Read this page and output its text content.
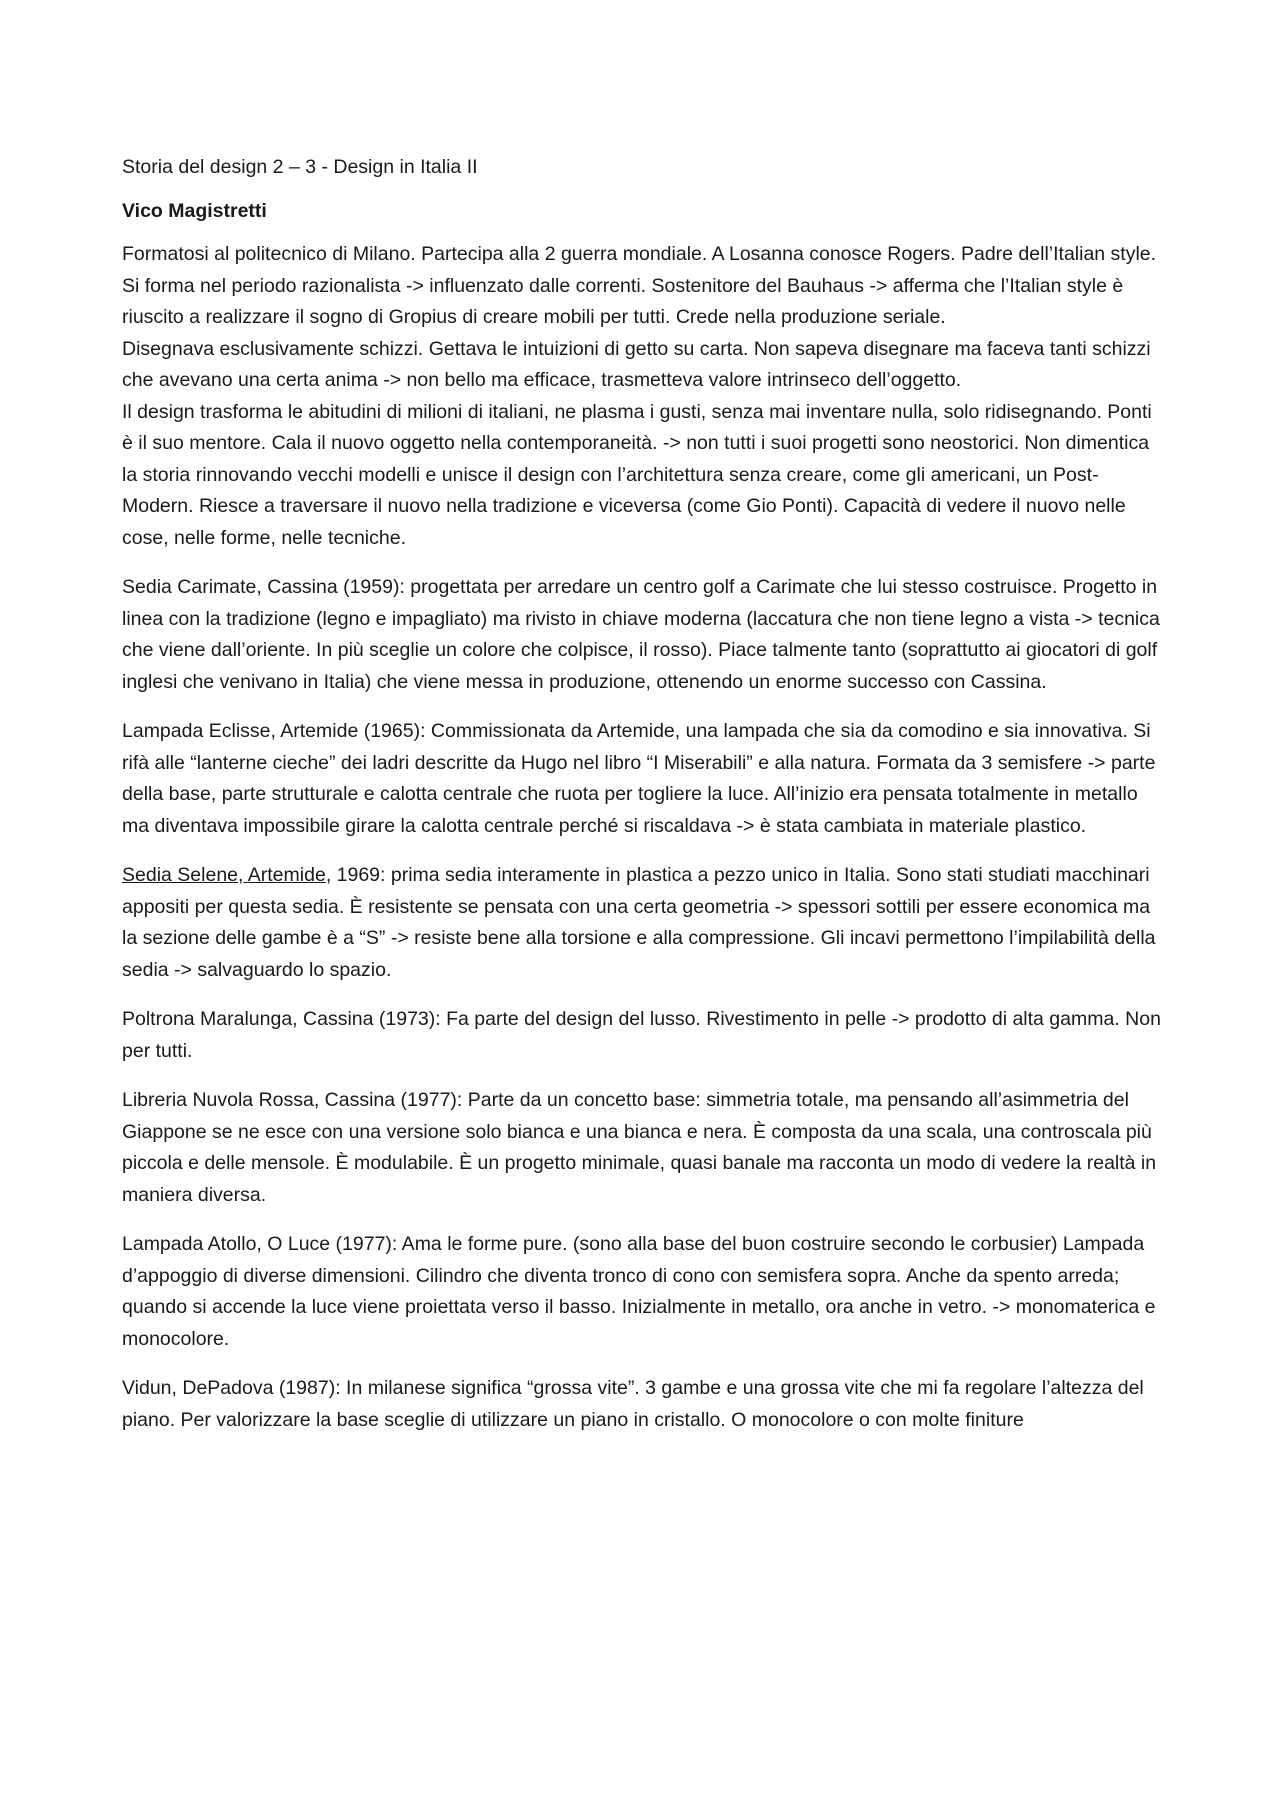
Storia del design 2 – 3 - Design in Italia II

Vico Magistretti

Formatosi al politecnico di Milano. Partecipa alla 2 guerra mondiale. A Losanna conosce Rogers. Padre dell’Italian style. Si forma nel periodo razionalista -> influenzato dalle correnti. Sostenitore del Bauhaus -> afferma che l’Italian style è riuscito a realizzare il sogno di Gropius di creare mobili per tutti. Crede nella produzione seriale.

Disegnava esclusivamente schizzi. Gettava le intuizioni di getto su carta. Non sapeva disegnare ma faceva tanti schizzi che avevano una certa anima -> non bello ma efficace, trasmetteva valore intrinseco dell’oggetto.

Il design trasforma le abitudini di milioni di italiani, ne plasma i gusti, senza mai inventare nulla, solo ridisegnando. Ponti è il suo mentore. Cala il nuovo oggetto nella contemporaneità. -> non tutti i suoi progetti sono neostorici. Non dimentica la storia rinnovando vecchi modelli e unisce il design con l’architettura senza creare, come gli americani, un Post-Modern. Riesce a traversare il nuovo nella tradizione e viceversa (come Gio Ponti). Capacità di vedere il nuovo nelle cose, nelle forme, nelle tecniche.

Sedia Carimate, Cassina (1959): progettata per arredare un centro golf a Carimate che lui stesso costruisce. Progetto in linea con la tradizione (legno e impagliato) ma rivisto in chiave moderna (laccatura che non tiene legno a vista -> tecnica che viene dall’oriente. In più sceglie un colore che colpisce, il rosso). Piace talmente tanto (soprattutto ai giocatori di golf inglesi che venivano in Italia) che viene messa in produzione, ottenendo un enorme successo con Cassina.

Lampada Eclisse, Artemide (1965): Commissionata da Artemide, una lampada che sia da comodino e sia innovativa. Si rifà alle “lanterne cieche” dei ladri descritte da Hugo nel libro “I Miserabili” e alla natura. Formata da 3 semisfere -> parte della base, parte strutturale e calotta centrale che ruota per togliere la luce. All’inizio era pensata totalmente in metallo ma diventava impossibile girare la calotta centrale perché si riscaldava -> è stata cambiata in materiale plastico.

Sedia Selene, Artemide, 1969: prima sedia interamente in plastica a pezzo unico in Italia. Sono stati studiati macchinari appositi per questa sedia. È resistente se pensata con una certa geometria -> spessori sottili per essere economica ma la sezione delle gambe è a “S” -> resiste bene alla torsione e alla compressione. Gli incavi permettono l’impilabilità della sedia -> salvaguardo lo spazio.

Poltrona Maralunga, Cassina (1973): Fa parte del design del lusso. Rivestimento in pelle -> prodotto di alta gamma. Non per tutti.

Libreria Nuvola Rossa, Cassina (1977): Parte da un concetto base: simmetria totale, ma pensando all’asimmetria del Giappone se ne esce con una versione solo bianca e una bianca e nera. È composta da una scala, una controscala più piccola e delle mensole. È modulabile. È un progetto minimale, quasi banale ma racconta un modo di vedere la realtà in maniera diversa.

Lampada Atollo, O Luce (1977): Ama le forme pure. (sono alla base del buon costruire secondo le corbusier) Lampada d’appoggio di diverse dimensioni. Cilindro che diventa tronco di cono con semisfera sopra. Anche da spento arreda; quando si accende la luce viene proiettata verso il basso. Inizialmente in metallo, ora anche in vetro. -> monomaterica e monocolore.

Vidun, DePadova (1987): In milanese significa “grossa vite”. 3 gambe e una grossa vite che mi fa regolare l’altezza del piano. Per valorizzare la base sceglie di utilizzare un piano in cristallo. O monocolore o con molte finiture
